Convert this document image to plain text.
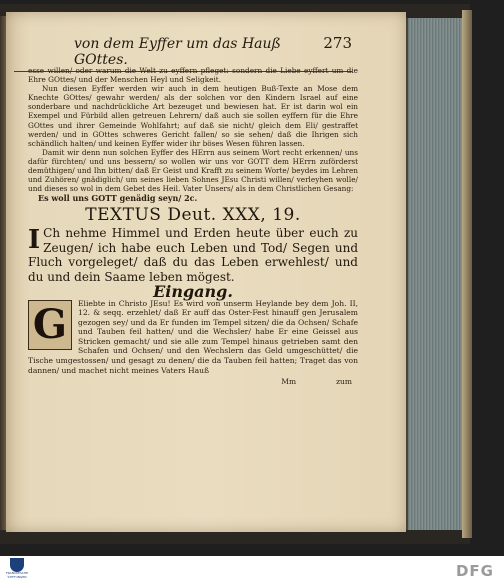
von dem Eyffer um das Hauß GOttes.
273

esse willen/ oder warum die Welt zu eyffern pfleget: sondern die Liebe eyffert um die Ehre GOttes/ und der Menschen Heyl und Seligkeit.

Nun diesen Eyffer werden wir auch in dem heutigen Buß-Texte an Mose dem Knechte GOttes/ gewahr werden/ als der solchen vor den Kindern Israel auf eine sonderbare und nachdrückliche Art bezeuget und bewiesen hat. Er ist darin wol ein Exempel und Fürbild allen getreuen Lehrern/ daß auch sie sollen eyffern für die Ehre GOttes und ihrer Gemeinde Wohlfahrt; auf daß sie nicht/ gleich dem Eli/ gestraffet werden/ und in GOttes schweres Gericht fallen/ so sie sehen/ daß die Ihrigen sich schändlich halten/ und keinen Eyffer wider ihr böses Wesen führen lassen.

Damit wir denn nun solchen Eyffer des HErrn aus seinem Wort recht erkennen/ uns dafür fürchten/ und uns bessern/ so wollen wir uns vor GOTT dem HErrn zuförderst demüthigen/ und Ihn bitten/ daß Er Geist und Krafft zu seinem Worte/ beydes im Lehren und Zuhören/ gnädiglich/ um seines lieben Sohnes JEsu Christi willen/ verleyhen wolle/ und dieses so wol in dem Gebet des Heil. Vater Unsers/ als in dem Christlichen Gesang:

Es woll uns GOTT genädig seyn/ 2c.

TEXTUS Deut. XXX, 19.
I Ch nehme Himmel und Erden heute über euch zu Zeugen/ ich habe euch Leben und Tod/ Segen und Fluch vorgeleget/ daß du das Leben erwehlest/ und du und dein Saame leben mögest.
Eingang.
G	Eliebte in Christo JEsu! Es wird von unserm Heylande bey dem Joh. II, 12. & seqq. erzehlet/ daß Er auff das Oster-Fest hinauff gen Jerusalem gezogen sey/ und da Er funden im Tempel sitzen/ die da Ochsen/ Schafe und Tauben feil hatten/ und die Wechsler/ habe Er eine Geissel aus Stricken gemacht/ und sie alle zum Tempel hinaus getrieben samt den Schafen und Ochsen/ und den Wechslern das Geld umgeschüttet/ die Tische umgestossen/ und gesagt zu denen/ die da Tauben feil hatten; Traget das von dannen/ und machet nicht meines Vaters Hauß

Mm	zum
FRANCKESCHE STIFTUNGEN	DFG
